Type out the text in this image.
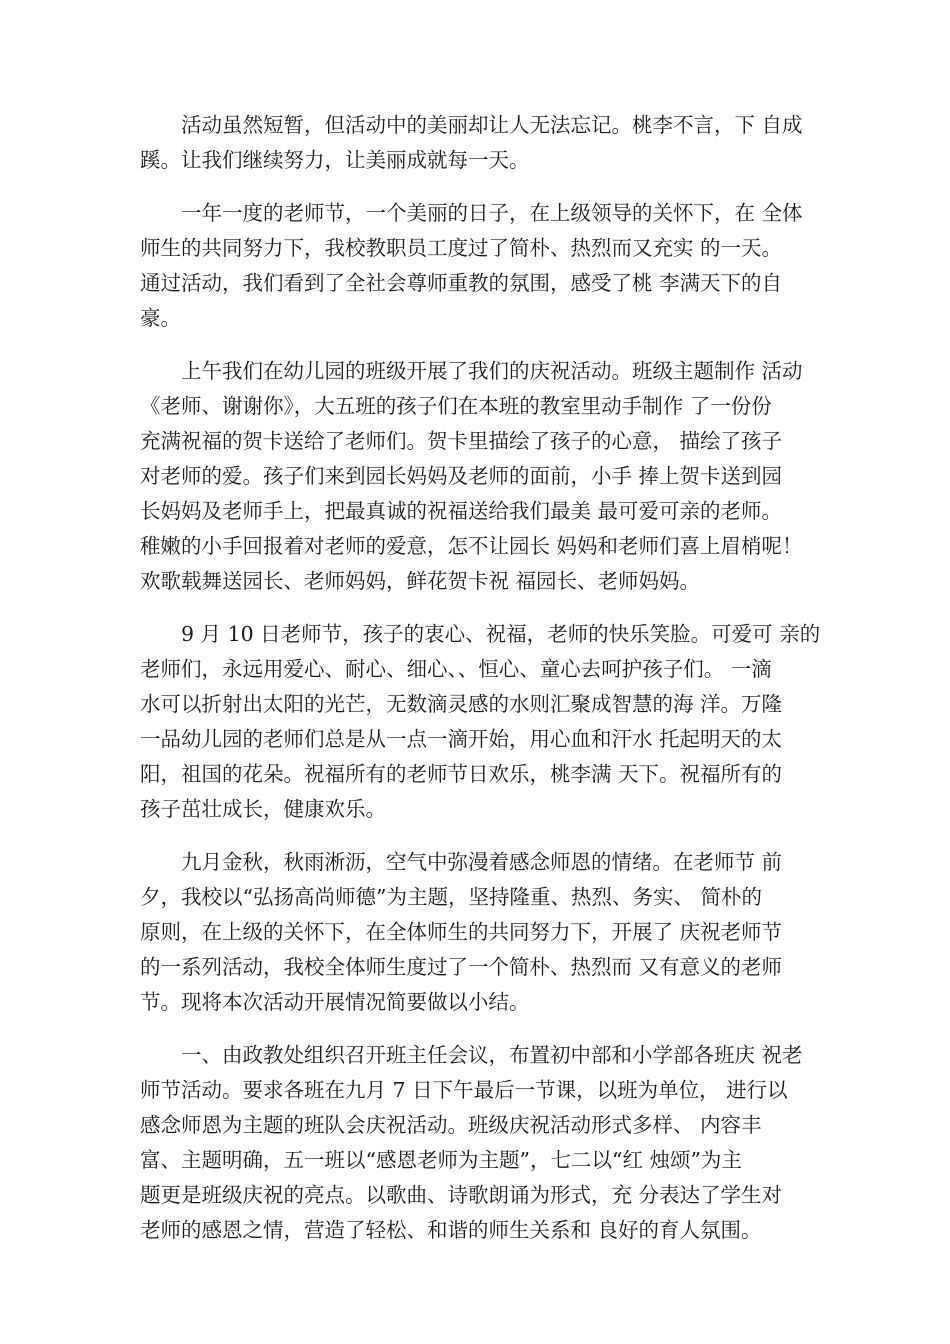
活动虽然短暂，但活动中的美丽却让人无法忘记。桃李不言，下 自成
蹊。让我们继续努力，让美丽成就每一天。

一年一度的老师节，一个美丽的日子，在上级领导的关怀下，在 全体
师生的共同努力下，我校教职员工度过了简朴、热烈而又充实 的一天。
通过活动，我们看到了全社会尊师重教的氛围，感受了桃 李满天下的自
豪。

上午我们在幼儿园的班级开展了我们的庆祝活动。班级主题制作 活动
《老师、谢谢你》，大五班的孩子们在本班的教室里动手制作 了一份份
充满祝福的贺卡送给了老师们。贺卡里描绘了孩子的心意， 描绘了孩子
对老师的爱。孩子们来到园长妈妈及老师的面前，小手 捧上贺卡送到园
长妈妈及老师手上，把最真诚的祝福送给我们最美 最可爱可亲的老师。
稚嫩的小手回报着对老师的爱意，怎不让园长 妈妈和老师们喜上眉梢呢！
欢歌载舞送园长、老师妈妈，鲜花贺卡祝 福园长、老师妈妈。

9 月 10 日老师节，孩子的衷心、祝福，老师的快乐笑脸。可爱可 亲的
老师们，永远用爱心、耐心、细心、、恒心、童心去呵护孩子们。 一滴
水可以折射出太阳的光芒，无数滴灵感的水则汇聚成智慧的海 洋。万隆
一品幼儿园的老师们总是从一点一滴开始，用心血和汗水 托起明天的太
阳，祖国的花朵。祝福所有的老师节日欢乐，桃李满 天下。祝福所有的
孩子茁壮成长，健康欢乐。

九月金秋，秋雨淅沥，空气中弥漫着感念师恩的情绪。在老师节 前
夕，我校以“弘扬高尚师德”为主题，坚持隆重、热烈、务实、 简朴的
原则，在上级的关怀下，在全体师生的共同努力下，开展了 庆祝老师节
的一系列活动，我校全体师生度过了一个简朴、热烈而 又有意义的老师
节。现将本次活动开展情况简要做以小结。

一、由政教处组织召开班主任会议，布置初中部和小学部各班庆 祝老
师节活动。要求各班在九月 7 日下午最后一节课，以班为单位， 进行以
感念师恩为主题的班队会庆祝活动。班级庆祝活动形式多样、 内容丰
富、主题明确，五一班以“感恩老师为主题”，七二以“红 烛颂”为主
题更是班级庆祝的亮点。以歌曲、诗歌朗诵为形式，充 分表达了学生对
老师的感恩之情，营造了轻松、和谐的师生关系和 良好的育人氛围。
